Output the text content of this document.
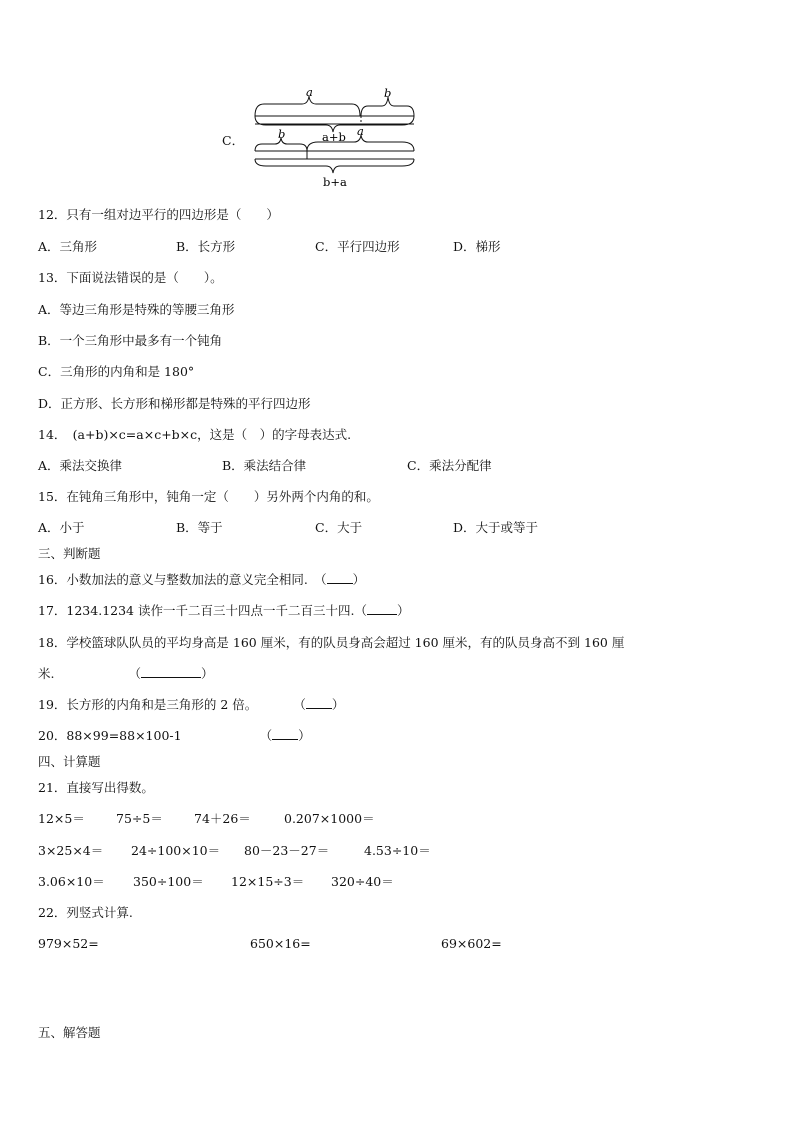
C．
a	b
a+b
b	a
b+a
12．只有一组对边平行的四边形是（　　）
A．三角形	B．长方形	C．平行四边形	D．梯形
13．下面说法错误的是（　　）。
A．等边三角形是特殊的等腰三角形
B．一个三角形中最多有一个钝角
C．三角形的内角和是 180°
D．正方形、长方形和梯形都是特殊的平行四边形
14．　(a+b)×c=a×c+b×c，这是（　）的字母表达式.
A．乘法交换律	B．乘法结合律	C．乘法分配律
15．在钝角三角形中，钝角一定（　　）另外两个内角的和。
A．小于	B．等于	C．大于	D．大于或等于
三、判断题
16．小数加法的意义与整数加法的意义完全相同.　（ ）
17．1234.1234 读作一千二百三十四点一千二百三十四.（ ）
18．学校篮球队队员的平均身高是 160 厘米，有的队员身高会超过 160 厘米，有的队员身高不到 160 厘
米.	（	）
19．长方形的内角和是三角形的 2 倍。	（ ）
20．88×99=88×100-1	（ ）
四、计算题
21．直接写出得数。
12×5＝ 75÷5＝ 74＋26＝	0.207×1000＝
3×25×4＝ 24÷100×10＝ 80－23－27＝	4.53÷10＝
3.06×10＝ 350÷100＝ 12×15÷3＝ 320÷40＝
22．列竖式计算.
979×52=	650×16=	69×602=
五、解答题
